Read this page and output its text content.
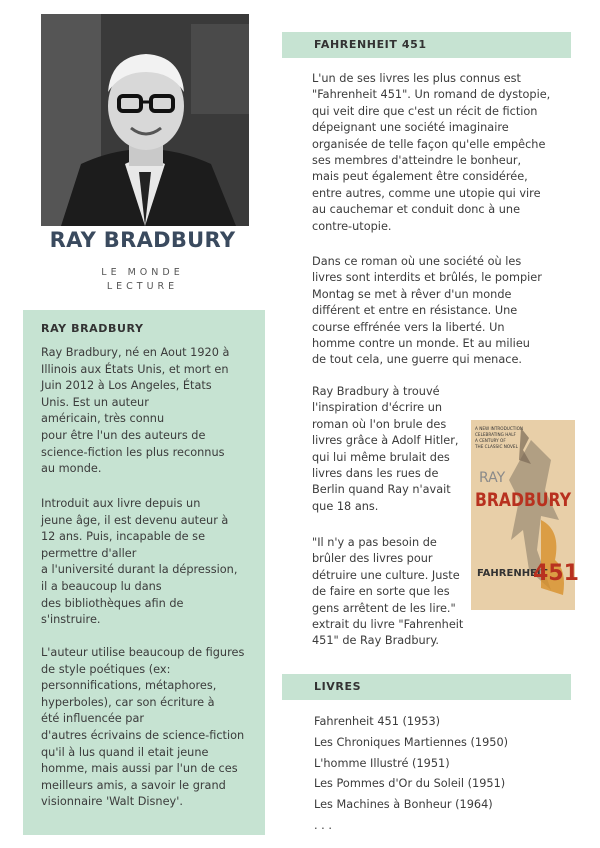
RAY BRADBURY
LE MONDE
LECTURE
RAY BRADBURY
Ray Bradbury, né en Aout 1920 à
Illinois aux États Unis, et mort en
Juin 2012 à Los Angeles, États
Unis. Est un auteur
américain, très connu
pour être l'un des auteurs de
science-fiction les plus reconnus
au monde.
Introduit aux livre depuis un
jeune âge, il est devenu auteur à
12 ans. Puis, incapable de se
permettre d'aller
a l'université durant la dépression,
il a beaucoup lu dans
des bibliothèques afin de
s'instruire.
L'auteur utilise beaucoup de figures
de style poétiques (ex:
personnifications, métaphores,
hyperboles), car son écriture à
été influencée par
d'autres écrivains de science-fiction
qu'il à lus quand il etait jeune
homme, mais aussi par l'un de ces
meilleurs amis, a savoir le grand
visionnaire 'Walt Disney'.
FAHRENHEIT 451
L'un de ses livres les plus connus est
"Fahrenheit 451". Un romand de dystopie,
qui veit dire que c'est un récit de fiction
dépeignant une société imaginaire
organisée de telle façon qu'elle empêche
ses membres d'atteindre le bonheur,
mais peut également être considérée,
entre autres, comme une utopie qui vire
au cauchemar et conduit donc à une
contre-utopie.
Dans ce roman où une société où les
livres sont interdits et brûlés, le pompier
Montag se met à rêver d'un monde
différent et entre en résistance. Une
course effrénée vers la liberté. Un
homme contre un monde. Et au milieu
de tout cela, une guerre qui menace.
Ray Bradbury à trouvé
l'inspiration d'écrire un
roman où l'on brule des
livres grâce à Adolf Hitler,
qui lui même brulait des
livres dans les rues de
Berlin quand Ray n'avait
que 18 ans.
"Il n'y a pas besoin de
brûler des livres pour
détruire une culture. Juste
de faire en sorte que les
gens arrêtent de les lire."
extrait du livre "Fahrenheit
451" de Ray Bradbury.
A NEW INTRODUCTION
CELEBRATING HALF
A CENTURY OF
THE CLASSIC NOVEL
RAY
BRADBURY
FAHRENHEIT
451
LIVRES
Fahrenheit 451 (1953)
Les Chroniques Martiennes (1950)
L'homme Illustré (1951)
Les Pommes d'Or du Soleil (1951)
Les Machines à Bonheur (1964)
. . .
